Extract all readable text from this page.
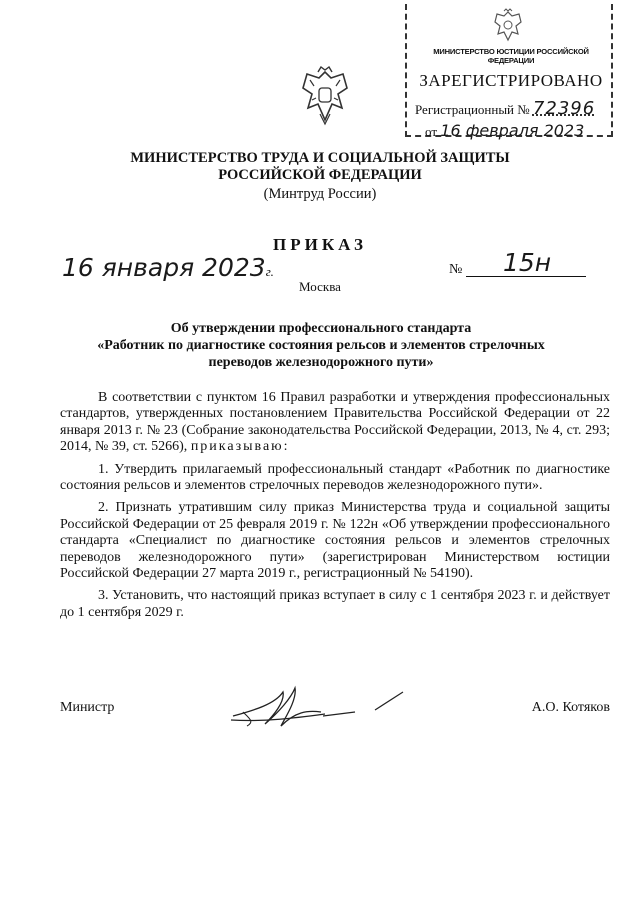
МИНИСТЕРСТВО ЮСТИЦИИ РОССИЙСКОЙ ФЕДЕРАЦИИ
ЗАРЕГИСТРИРОВАНО
Регистрационный № 72396
от 16 февраля 2023
МИНИСТЕРСТВО ТРУДА И СОЦИАЛЬНОЙ ЗАЩИТЫ
РОССИЙСКОЙ ФЕДЕРАЦИИ
(Минтруд России)
ПРИКАЗ
16 января 2023г.	№ 15н
Москва
Об утверждении профессионального стандарта
«Работник по диагностике состояния рельсов и элементов стрелочных
переводов железнодорожного пути»

В соответствии с пунктом 16 Правил разработки и утверждения профессиональных стандартов, утвержденных постановлением Правительства Российской Федерации от 22 января 2013 г. № 23 (Собрание законодательства Российской Федерации, 2013, № 4, ст. 293; 2014, № 39, ст. 5266), приказываю:

1. Утвердить прилагаемый профессиональный стандарт «Работник по диагностике состояния рельсов и элементов стрелочных переводов железнодорожного пути».

2. Признать утратившим силу приказ Министерства труда и социальной защиты Российской Федерации от 25 февраля 2019 г. № 122н «Об утверждении профессионального стандарта «Специалист по диагностике состояния рельсов и элементов стрелочных переводов железнодорожного пути» (зарегистрирован Министерством юстиции Российской Федерации 27 марта 2019 г., регистрационный № 54190).

3. Установить, что настоящий приказ вступает в силу с 1 сентября 2023 г. и действует до 1 сентября 2029 г.

Министр	А.О. Котяков
